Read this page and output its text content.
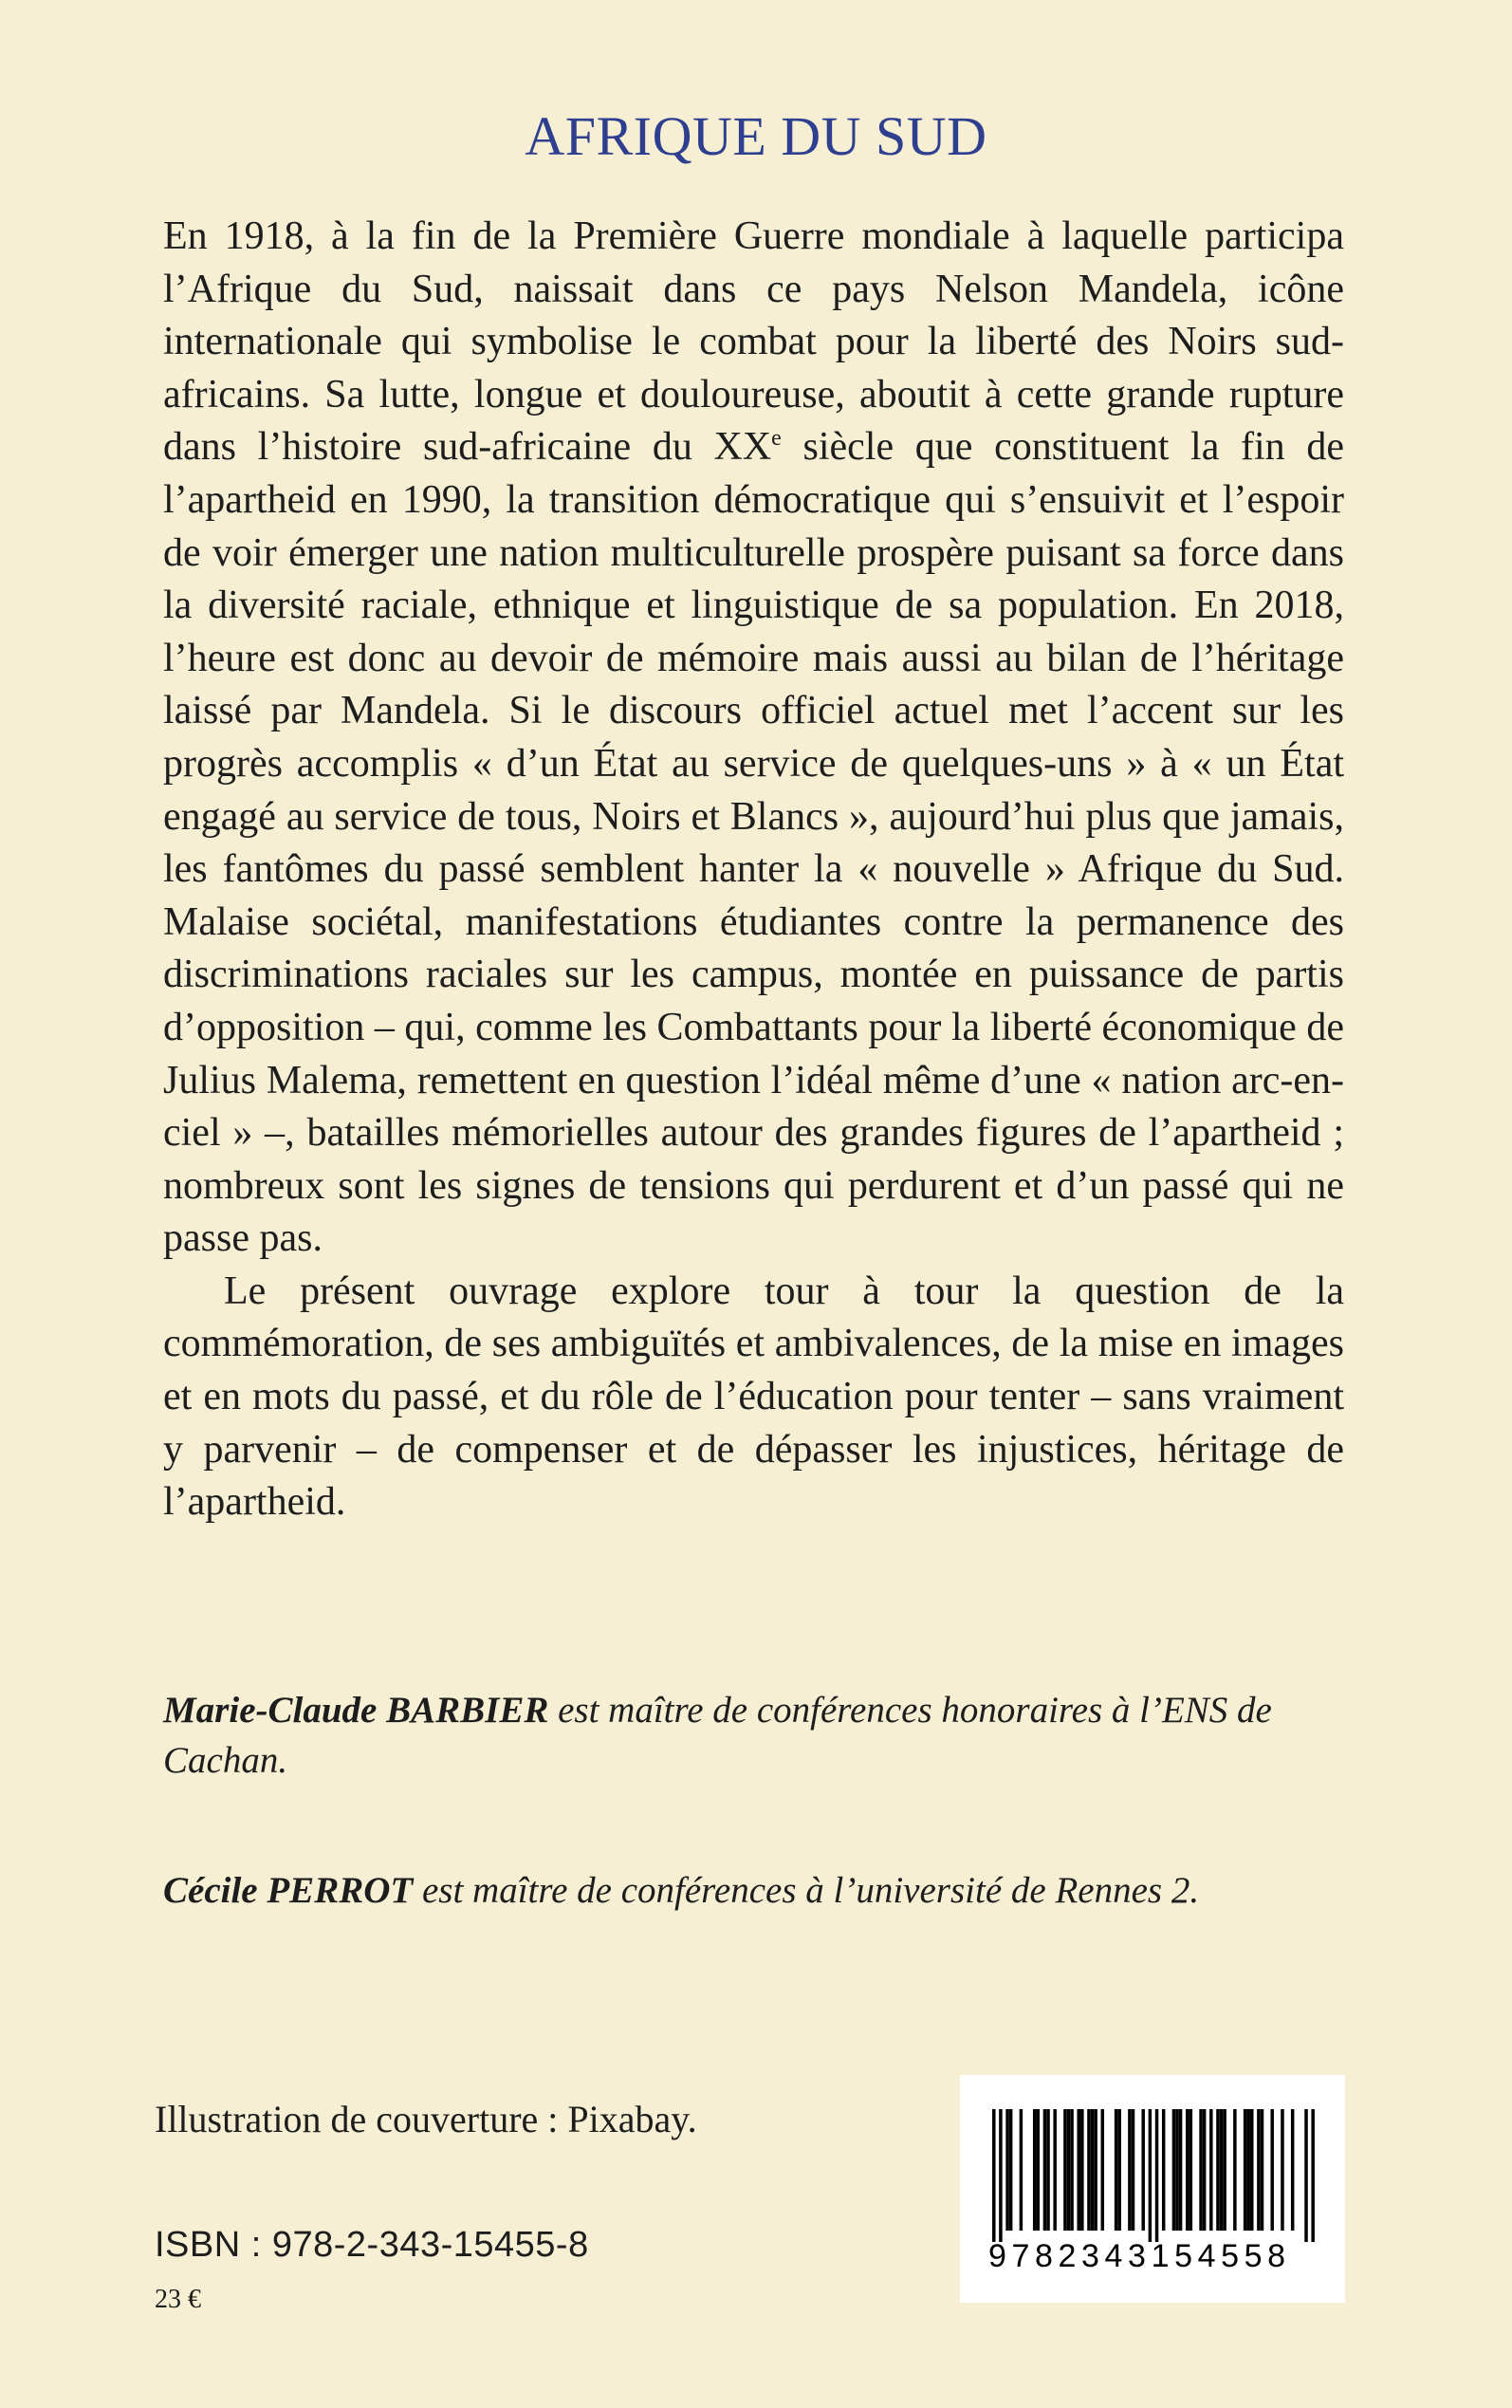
AFRIQUE DU SUD

En 1918, à la fin de la Première Guerre mondiale à laquelle participa l’Afrique du Sud, naissait dans ce pays Nelson Mandela, icône internationale qui symbolise le combat pour la liberté des Noirs sud-africains. Sa lutte, longue et douloureuse, aboutit à cette grande rupture dans l’histoire sud-africaine du XXe siècle que constituent la fin de l’apartheid en 1990, la transition démocratique qui s’ensuivit et l’espoir de voir émerger une nation multiculturelle prospère puisant sa force dans la diversité raciale, ethnique et linguistique de sa population. En 2018, l’heure est donc au devoir de mémoire mais aussi au bilan de l’héritage laissé par Mandela. Si le discours officiel actuel met l’accent sur les progrès accomplis « d’un État au service de quelques-uns » à « un État engagé au service de tous, Noirs et Blancs », aujourd’hui plus que jamais, les fantômes du passé semblent hanter la « nouvelle » Afrique du Sud. Malaise sociétal, manifestations étudiantes contre la permanence des discriminations raciales sur les campus, montée en puissance de partis d’opposition – qui, comme les Combattants pour la liberté économique de Julius Malema, remettent en question l’idéal même d’une « nation arc-en-ciel » –, batailles mémorielles autour des grandes figures de l’apartheid ; nombreux sont les signes de tensions qui perdurent et d’un passé qui ne passe pas.

Le présent ouvrage explore tour à tour la question de la commémoration, de ses ambiguïtés et ambivalences, de la mise en images et en mots du passé, et du rôle de l’éducation pour tenter – sans vraiment y parvenir – de compenser et de dépasser les injustices, héritage de l’apartheid.

Marie-Claude BARBIER est maître de conférences honoraires à l’ENS de Cachan.
Cécile PERROT est maître de conférences à l’université de Rennes 2.
Illustration de couverture : Pixabay.
ISBN : 978-2-343-15455-8
23 €
9782343154558
